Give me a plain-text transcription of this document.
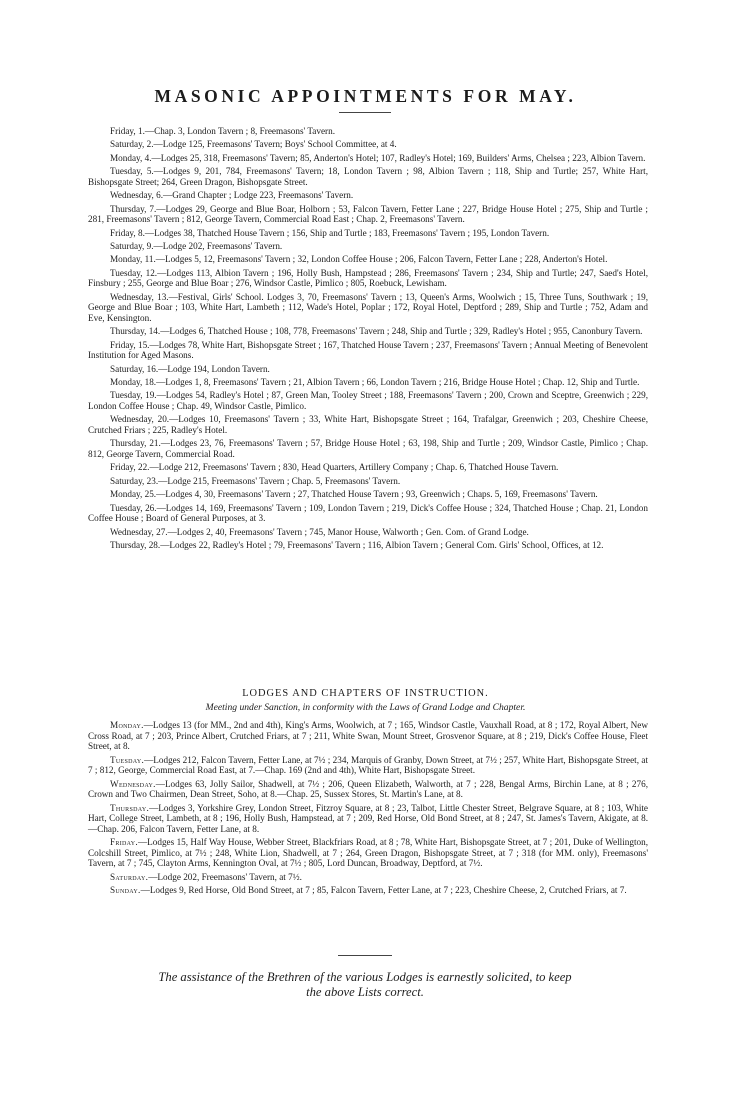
MASONIC APPOINTMENTS FOR MAY.

Friday, 1.—Chap. 3, London Tavern ; 8, Freemasons' Tavern.

Saturday, 2.—Lodge 125, Freemasons' Tavern; Boys' School Committee, at 4.

Monday, 4.—Lodges 25, 318, Freemasons' Tavern; 85, Anderton's Hotel; 107, Radley's Hotel; 169, Builders' Arms, Chelsea ; 223, Albion Tavern.

Tuesday, 5.—Lodges 9, 201, 784, Freemasons' Tavern; 18, London Tavern ; 98, Albion Tavern ; 118, Ship and Turtle; 257, White Hart, Bishopsgate Street; 264, Green Dragon, Bishopsgate Street.

Wednesday, 6.—Grand Chapter ; Lodge 223, Freemasons' Tavern.

Thursday, 7.—Lodges 29, George and Blue Boar, Holborn ; 53, Falcon Tavern, Fetter Lane ; 227, Bridge House Hotel ; 275, Ship and Turtle ; 281, Freemasons' Tavern ; 812, George Tavern, Commercial Road East ; Chap. 2, Freemasons' Tavern.

Friday, 8.—Lodges 38, Thatched House Tavern ; 156, Ship and Turtle ; 183, Freemasons' Tavern ; 195, London Tavern.

Saturday, 9.—Lodge 202, Freemasons' Tavern.

Monday, 11.—Lodges 5, 12, Freemasons' Tavern ; 32, London Coffee House ; 206, Falcon Tavern, Fetter Lane ; 228, Anderton's Hotel.

Tuesday, 12.—Lodges 113, Albion Tavern ; 196, Holly Bush, Hampstead ; 286, Freemasons' Tavern ; 234, Ship and Turtle; 247, Saed's Hotel, Finsbury ; 255, George and Blue Boar ; 276, Windsor Castle, Pimlico ; 805, Roebuck, Lewisham.

Wednesday, 13.—Festival, Girls' School. Lodges 3, 70, Freemasons' Tavern ; 13, Queen's Arms, Woolwich ; 15, Three Tuns, Southwark ; 19, George and Blue Boar ; 103, White Hart, Lambeth ; 112, Wade's Hotel, Poplar ; 172, Royal Hotel, Deptford ; 289, Ship and Turtle ; 752, Adam and Eve, Kensington.

Thursday, 14.—Lodges 6, Thatched House ; 108, 778, Freemasons' Tavern ; 248, Ship and Turtle ; 329, Radley's Hotel ; 955, Canonbury Tavern.

Friday, 15.—Lodges 78, White Hart, Bishopsgate Street ; 167, Thatched House Tavern ; 237, Freemasons' Tavern ; Annual Meeting of Benevolent Institution for Aged Masons.

Saturday, 16.—Lodge 194, London Tavern.

Monday, 18.—Lodges 1, 8, Freemasons' Tavern ; 21, Albion Tavern ; 66, London Tavern ; 216, Bridge House Hotel ; Chap. 12, Ship and Turtle.

Tuesday, 19.—Lodges 54, Radley's Hotel ; 87, Green Man, Tooley Street ; 188, Freemasons' Tavern ; 200, Crown and Sceptre, Greenwich ; 229, London Coffee House ; Chap. 49, Windsor Castle, Pimlico.

Wednesday, 20.—Lodges 10, Freemasons' Tavern ; 33, White Hart, Bishopsgate Street ; 164, Trafalgar, Greenwich ; 203, Cheshire Cheese, Crutched Friars ; 225, Radley's Hotel.

Thursday, 21.—Lodges 23, 76, Freemasons' Tavern ; 57, Bridge House Hotel ; 63, 198, Ship and Turtle ; 209, Windsor Castle, Pimlico ; Chap. 812, George Tavern, Commercial Road.

Friday, 22.—Lodge 212, Freemasons' Tavern ; 830, Head Quarters, Artillery Company ; Chap. 6, Thatched House Tavern.

Saturday, 23.—Lodge 215, Freemasons' Tavern ; Chap. 5, Freemasons' Tavern.

Monday, 25.—Lodges 4, 30, Freemasons' Tavern ; 27, Thatched House Tavern ; 93, Greenwich ; Chaps. 5, 169, Freemasons' Tavern.

Tuesday, 26.—Lodges 14, 169, Freemasons' Tavern ; 109, London Tavern ; 219, Dick's Coffee House ; 324, Thatched House ; Chap. 21, London Coffee House ; Board of General Purposes, at 3.

Wednesday, 27.—Lodges 2, 40, Freemasons' Tavern ; 745, Manor House, Walworth ; Gen. Com. of Grand Lodge.

Thursday, 28.—Lodges 22, Radley's Hotel ; 79, Freemasons' Tavern ; 116, Albion Tavern ; General Com. Girls' School, Offices, at 12.

LODGES AND CHAPTERS OF INSTRUCTION.

Meeting under Sanction, in conformity with the Laws of Grand Lodge and Chapter.

Monday.—Lodges 13 (for MM., 2nd and 4th), King's Arms, Woolwich, at 7 ; 165, Windsor Castle, Vauxhall Road, at 8 ; 172, Royal Albert, New Cross Road, at 7 ; 203, Prince Albert, Crutched Friars, at 7 ; 211, White Swan, Mount Street, Grosvenor Square, at 8 ; 219, Dick's Coffee House, Fleet Street, at 8.

Tuesday.—Lodges 212, Falcon Tavern, Fetter Lane, at 7½ ; 234, Marquis of Granby, Down Street, at 7½ ; 257, White Hart, Bishopsgate Street, at 7 ; 812, George, Commercial Road East, at 7.—Chap. 169 (2nd and 4th), White Hart, Bishopsgate Street.

Wednesday.—Lodges 63, Jolly Sailor, Shadwell, at 7½ ; 206, Queen Elizabeth, Walworth, at 7 ; 228, Bengal Arms, Birchin Lane, at 8 ; 276, Crown and Two Chairmen, Dean Street, Soho, at 8.—Chap. 25, Sussex Stores, St. Martin's Lane, at 8.

Thursday.—Lodges 3, Yorkshire Grey, London Street, Fitzroy Square, at 8 ; 23, Talbot, Little Chester Street, Belgrave Square, at 8 ; 103, White Hart, College Street, Lambeth, at 8 ; 196, Holly Bush, Hampstead, at 7 ; 209, Red Horse, Old Bond Street, at 8 ; 247, St. James's Tavern, Akigate, at 8.—Chap. 206, Falcon Tavern, Fetter Lane, at 8.

Friday.—Lodges 15, Half Way House, Webber Street, Blackfriars Road, at 8 ; 78, White Hart, Bishopsgate Street, at 7 ; 201, Duke of Wellington, Colcshill Street, Pimlico, at 7½ ; 248, White Lion, Shadwell, at 7 ; 264, Green Dragon, Bishopsgate Street, at 7 ; 318 (for MM. only), Freemasons' Tavern, at 7 ; 745, Clayton Arms, Kennington Oval, at 7½ ; 805, Lord Duncan, Broadway, Deptford, at 7½.

Saturday.—Lodge 202, Freemasons' Tavern, at 7½.

Sunday.—Lodges 9, Red Horse, Old Bond Street, at 7 ; 85, Falcon Tavern, Fetter Lane, at 7 ; 223, Cheshire Cheese, 2, Crutched Friars, at 7.

The assistance of the Brethren of the various Lodges is earnestly solicited, to keep the above Lists correct.
